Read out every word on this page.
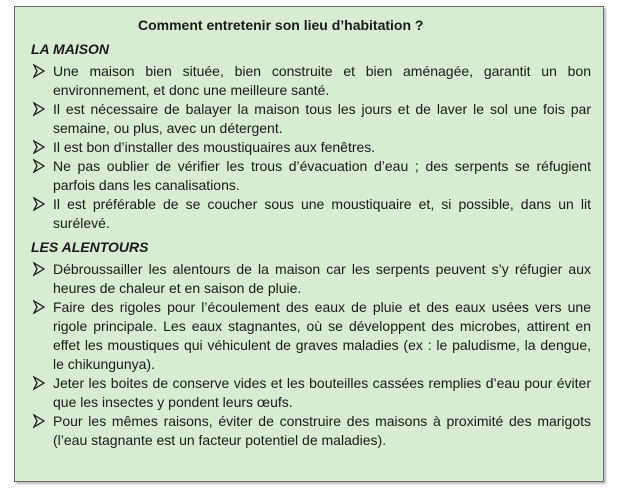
Comment entretenir son lieu d’habitation ?
LA MAISON
Une maison bien située, bien construite et bien aménagée, garantit un bon environnement, et donc une meilleure santé.
Il est nécessaire de balayer la maison tous les jours et de laver le sol une fois par semaine, ou plus, avec un détergent.
Il est bon d’installer des moustiquaires aux fenêtres.
Ne pas oublier de vérifier les trous d’évacuation d’eau ; des serpents se réfugient parfois dans les canalisations.
Il est préférable de se coucher sous une moustiquaire et, si possible, dans un lit surélevé.
LES ALENTOURS
Débroussailler les alentours de la maison car les serpents peuvent s’y réfugier aux heures de chaleur et en saison de pluie.
Faire des rigoles pour l’écoulement des eaux de pluie et des eaux usées vers une rigole principale. Les eaux stagnantes, où se développent des microbes, attirent en effet les moustiques qui véhiculent de graves maladies (ex : le paludisme, la dengue, le chikungunya).
Jeter les boites de conserve vides et les bouteilles cassées remplies d’eau pour éviter que les insectes y pondent leurs œufs.
Pour les mêmes raisons, éviter de construire des maisons à proximité des marigots (l’eau stagnante est un facteur potentiel de maladies).
